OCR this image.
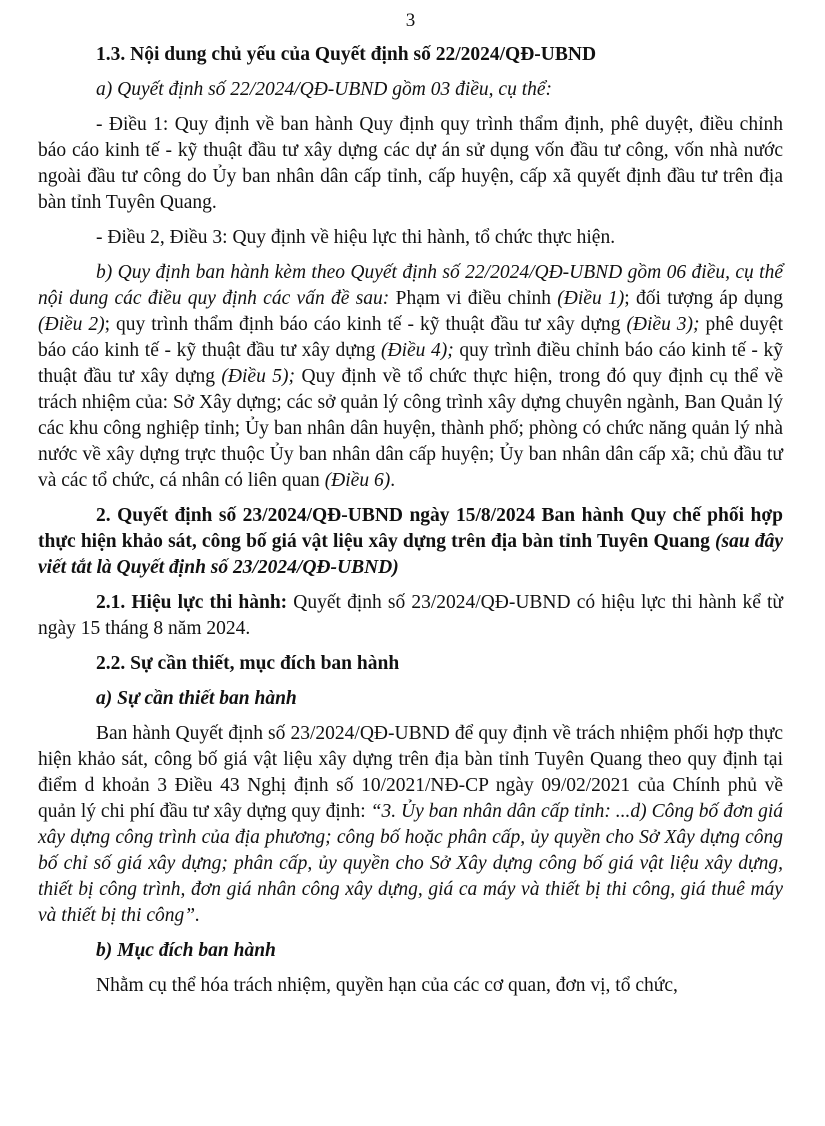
3

1.3. Nội dung chủ yếu của Quyết định số 22/2024/QĐ-UBND

a) Quyết định số 22/2024/QĐ-UBND gồm 03 điều, cụ thể:

- Điều 1: Quy định về ban hành Quy định quy trình thẩm định, phê duyệt, điều chỉnh báo cáo kinh tế - kỹ thuật đầu tư xây dựng các dự án sử dụng vốn đầu tư công, vốn nhà nước ngoài đầu tư công do Ủy ban nhân dân cấp tỉnh, cấp huyện, cấp xã quyết định đầu tư trên địa bàn tỉnh Tuyên Quang.

- Điều 2, Điều 3: Quy định về hiệu lực thi hành, tổ chức thực hiện.

b) Quy định ban hành kèm theo Quyết định số 22/2024/QĐ-UBND gồm 06 điều, cụ thể nội dung các điều quy định các vấn đề sau: Phạm vi điều chỉnh (Điều 1); đối tượng áp dụng (Điều 2); quy trình thẩm định báo cáo kinh tế - kỹ thuật đầu tư xây dựng (Điều 3); phê duyệt báo cáo kinh tế - kỹ thuật đầu tư xây dựng (Điều 4); quy trình điều chỉnh báo cáo kinh tế - kỹ thuật đầu tư xây dựng (Điều 5); Quy định về tổ chức thực hiện, trong đó quy định cụ thể về trách nhiệm của: Sở Xây dựng; các sở quản lý công trình xây dựng chuyên ngành, Ban Quản lý các khu công nghiệp tỉnh; Ủy ban nhân dân huyện, thành phố; phòng có chức năng quản lý nhà nước về xây dựng trực thuộc Ủy ban nhân dân cấp huyện; Ủy ban nhân dân cấp xã; chủ đầu tư và các tổ chức, cá nhân có liên quan (Điều 6).

2. Quyết định số 23/2024/QĐ-UBND ngày 15/8/2024 Ban hành Quy chế phối hợp thực hiện khảo sát, công bố giá vật liệu xây dựng trên địa bàn tỉnh Tuyên Quang (sau đây viết tắt là Quyết định số 23/2024/QĐ-UBND)

2.1. Hiệu lực thi hành: Quyết định số 23/2024/QĐ-UBND có hiệu lực thi hành kể từ ngày 15 tháng 8 năm 2024.

2.2. Sự cần thiết, mục đích ban hành

a) Sự cần thiết ban hành

Ban hành Quyết định số 23/2024/QĐ-UBND để quy định về trách nhiệm phối hợp thực hiện khảo sát, công bố giá vật liệu xây dựng trên địa bàn tỉnh Tuyên Quang theo quy định tại điểm d khoản 3 Điều 43 Nghị định số 10/2021/NĐ-CP ngày 09/02/2021 của Chính phủ về quản lý chi phí đầu tư xây dựng quy định: “3. Ủy ban nhân dân cấp tỉnh: ...d) Công bố đơn giá xây dựng công trình của địa phương; công bố hoặc phân cấp, ủy quyền cho Sở Xây dựng công bố chỉ số giá xây dựng; phân cấp, ủy quyền cho Sở Xây dựng công bố giá vật liệu xây dựng, thiết bị công trình, đơn giá nhân công xây dựng, giá ca máy và thiết bị thi công, giá thuê máy và thiết bị thi công”.

b) Mục đích ban hành

Nhằm cụ thể hóa trách nhiệm, quyền hạn của các cơ quan, đơn vị, tổ chức,
